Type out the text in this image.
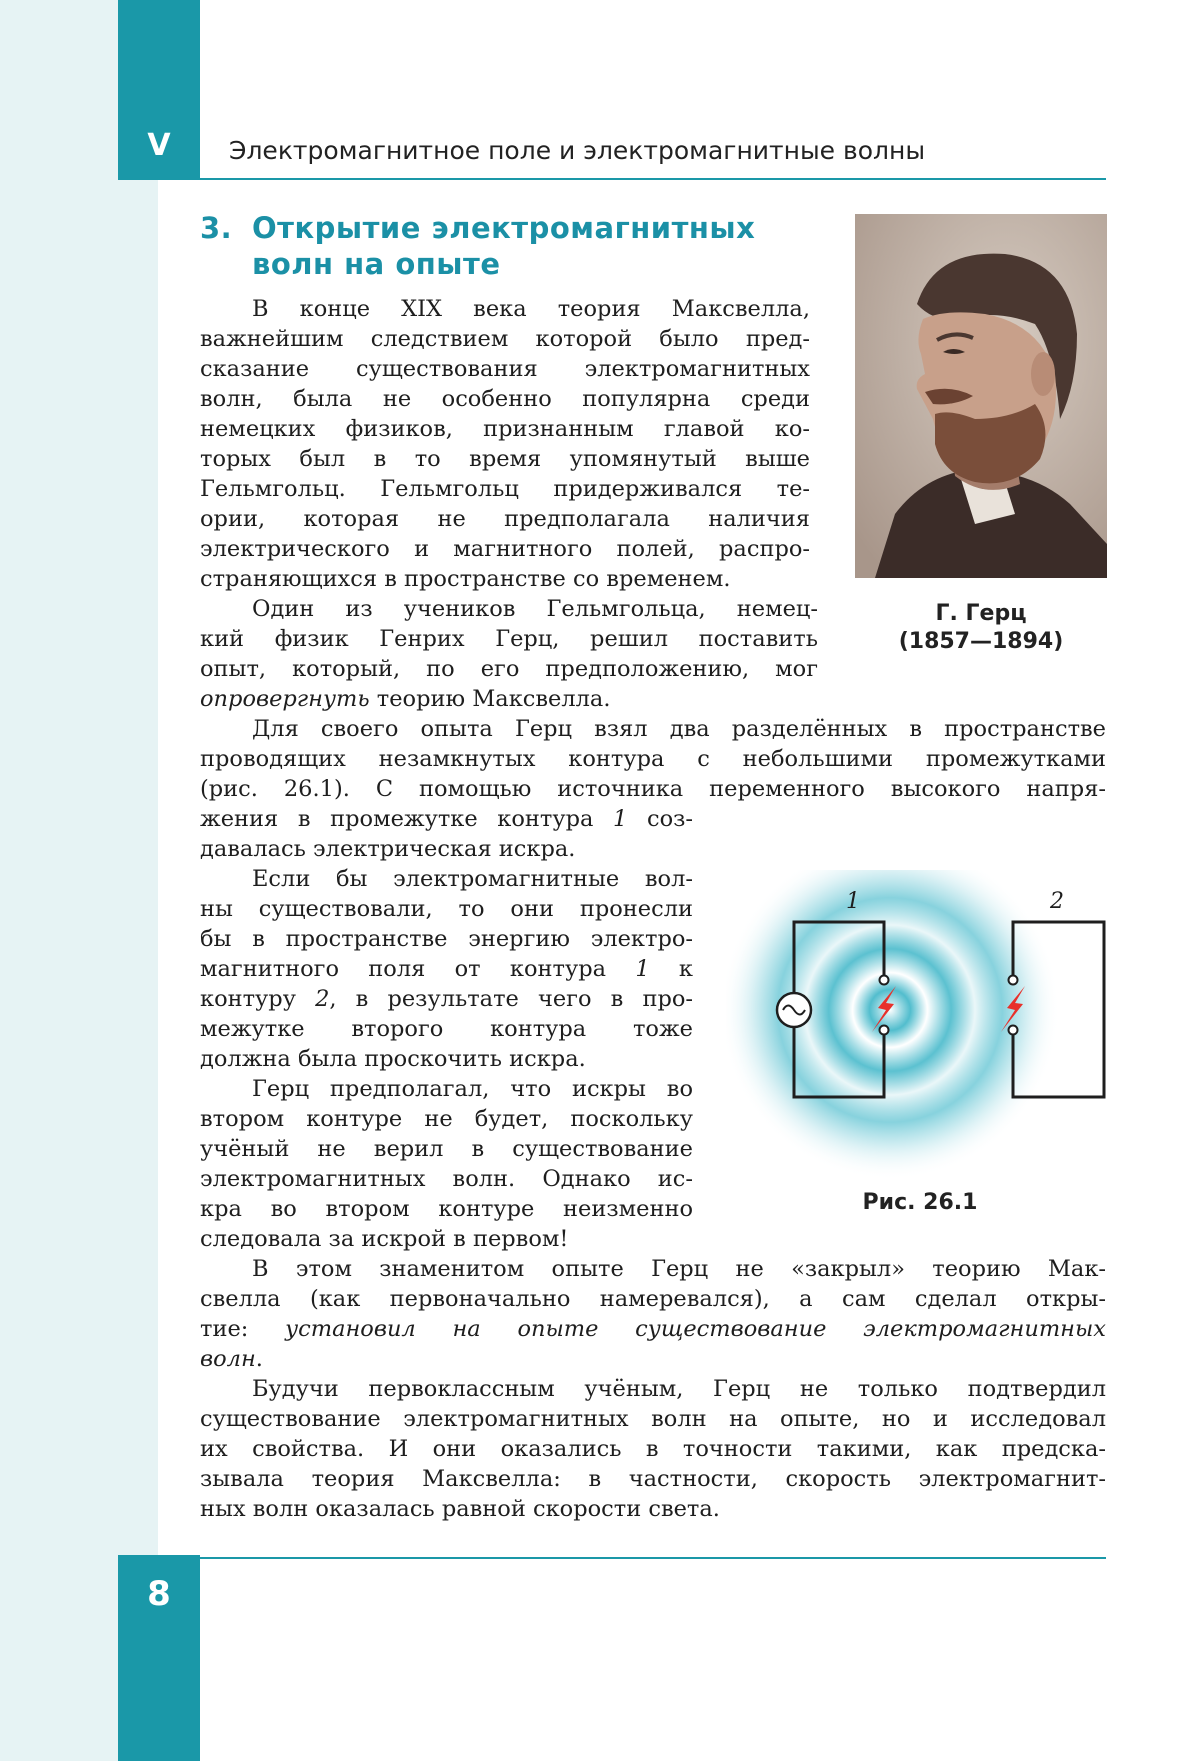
V	Электромагнитное поле и электромагнитные волны
3. Открытие электромагнитных
волн на опыте
Г. Герц
(1857—1894)
В конце XIX века теория Максвелла,
важнейшим следствием которой было пред-
сказание существования электромагнитных
волн, была не особенно популярна среди
немецких физиков, признанным главой ко-
торых был в то время упомянутый выше
Гельмгольц. Гельмгольц придерживался те-
ории, которая не предполагала наличия
электрического и магнитного полей, распро-
страняющихся в пространстве со временем.
Один из учеников Гельмгольца, немец-
кий физик Генрих Герц, решил поставить
опыт, который, по его предположению, мог
опровергнуть теорию Максвелла.
Для своего опыта Герц взял два разделённых в пространстве
проводящих незамкнутых контура с небольшими промежутками
(рис. 26.1). С помощью источника переменного высокого напря-
жения в промежутке контура 1 соз-
давалась электрическая искра.
Если бы электромагнитные вол-
ны существовали, то они пронесли
бы в пространстве энергию электро-
магнитного поля от контура 1 к
контуру 2, в результате чего в про-
межутке второго контура тоже
должна была проскочить искра.
Герц предполагал, что искры во
втором контуре не будет, поскольку
учёный не верил в существование
электромагнитных волн. Однако ис-
кра во втором контуре неизменно
следовала за искрой в первом!
1	2
Рис. 26.1
В этом знаменитом опыте Герц не «закрыл» теорию Мак-
свелла (как первоначально намеревался), а сам сделал откры-
тие: установил на опыте существование электромагнитных
волн.
Будучи первоклассным учёным, Герц не только подтвердил
существование электромагнитных волн на опыте, но и исследовал
их свойства. И они оказались в точности такими, как предска-
зывала теория Максвелла: в частности, скорость электромагнит-
ных волн оказалась равной скорости света.
8
